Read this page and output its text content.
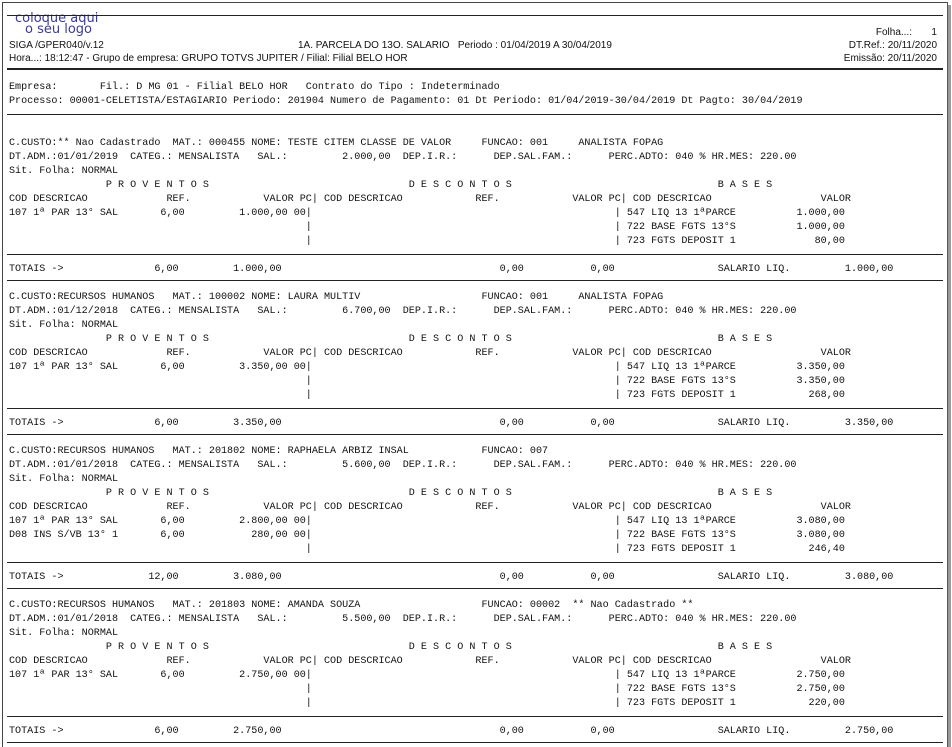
coloque aqui
o seu logo	Folha...:       1
SIGA /GPER040/v.12	1A. PARCELA DO 13O. SALARIO   Periodo : 01/04/2019 A 30/04/2019	DT.Ref.: 20/11/2020
Hora...: 18:12:47 - Grupo de empresa: GRUPO TOTVS JUPITER / Filial: Filial BELO HOR	Emissão: 20/11/2020
Empresa:       Fil.: D MG 01 - Filial BELO HOR   Contrato do Tipo : Indeterminado
Processo: 00001-CELETISTA/ESTAGIARIO Periodo: 201904 Numero de Pagamento: 01 Dt Periodo: 01/04/2019-30/04/2019 Dt Pagto: 30/04/2019
C.CUSTO:** Nao Cadastrado  MAT.: 000455 NOME: TESTE CITEM CLASSE DE VALOR     FUNCAO: 001     ANALISTA FOPAG
DT.ADM.:01/01/2019  CATEG.: MENSALISTA   SAL.:         2.000,00  DEP.I.R.:      DEP.SAL.FAM.:      PERC.ADTO: 040 % HR.MES: 220.00
Sit. Folha: NORMAL
P R O V E N T O S                                 D E S C O N T O S                                  B A S E S
COD DESCRICAO             REF.            VALOR PC| COD DESCRICAO            REF.            VALOR PC| COD DESCRICAO                  VALOR
107 1ª PAR 13° SAL       6,00         1.000,00 00|                                                  | 547 LIQ 13 1ªPARCE          1.000,00
|                                                  | 722 BASE FGTS 13°S          1.000,00
|                                                  | 723 FGTS DEPOSIT 1             80,00
TOTAIS ->               6,00         1.000,00                                    0,00           0,00                 SALARIO LIQ.         1.000,00
C.CUSTO:RECURSOS HUMANOS   MAT.: 100002 NOME: LAURA MULTIV                    FUNCAO: 001     ANALISTA FOPAG
DT.ADM.:01/12/2018  CATEG.: MENSALISTA   SAL.:         6.700,00  DEP.I.R.:      DEP.SAL.FAM.:      PERC.ADTO: 040 % HR.MES: 220.00
Sit. Folha: NORMAL
P R O V E N T O S                                 D E S C O N T O S                                  B A S E S
COD DESCRICAO             REF.            VALOR PC| COD DESCRICAO            REF.            VALOR PC| COD DESCRICAO                  VALOR
107 1ª PAR 13° SAL       6,00         3.350,00 00|                                                  | 547 LIQ 13 1ªPARCE          3.350,00
|                                                  | 722 BASE FGTS 13°S          3.350,00
|                                                  | 723 FGTS DEPOSIT 1            268,00
TOTAIS ->               6,00         3.350,00                                    0,00           0,00                 SALARIO LIQ.         3.350,00
C.CUSTO:RECURSOS HUMANOS   MAT.: 201802 NOME: RAPHAELA ARBIZ INSAL            FUNCAO: 007
DT.ADM.:01/01/2018  CATEG.: MENSALISTA   SAL.:         5.600,00  DEP.I.R.:      DEP.SAL.FAM.:      PERC.ADTO: 040 % HR.MES: 220.00
Sit. Folha: NORMAL
P R O V E N T O S                                 D E S C O N T O S                                  B A S E S
COD DESCRICAO             REF.            VALOR PC| COD DESCRICAO            REF.            VALOR PC| COD DESCRICAO                  VALOR
107 1ª PAR 13° SAL       6,00         2.800,00 00|                                                  | 547 LIQ 13 1ªPARCE          3.080,00
D08 INS S/VB 13° 1       6,00           280,00 00|                                                  | 722 BASE FGTS 13°S          3.080,00
|                                                  | 723 FGTS DEPOSIT 1            246,40
TOTAIS ->              12,00         3.080,00                                    0,00           0,00                 SALARIO LIQ.         3.080,00
C.CUSTO:RECURSOS HUMANOS   MAT.: 201803 NOME: AMANDA SOUZA                    FUNCAO: 00002  ** Nao Cadastrado **
DT.ADM.:01/01/2018  CATEG.: MENSALISTA   SAL.:         5.500,00  DEP.I.R.:      DEP.SAL.FAM.:      PERC.ADTO: 040 % HR.MES: 220.00
Sit. Folha: NORMAL
P R O V E N T O S                                 D E S C O N T O S                                  B A S E S
COD DESCRICAO             REF.            VALOR PC| COD DESCRICAO            REF.            VALOR PC| COD DESCRICAO                  VALOR
107 1ª PAR 13° SAL       6,00         2.750,00 00|                                                  | 547 LIQ 13 1ªPARCE          2.750,00
|                                                  | 722 BASE FGTS 13°S          2.750,00
|                                                  | 723 FGTS DEPOSIT 1            220,00
TOTAIS ->               6,00         2.750,00                                    0,00           0,00                 SALARIO LIQ.         2.750,00
